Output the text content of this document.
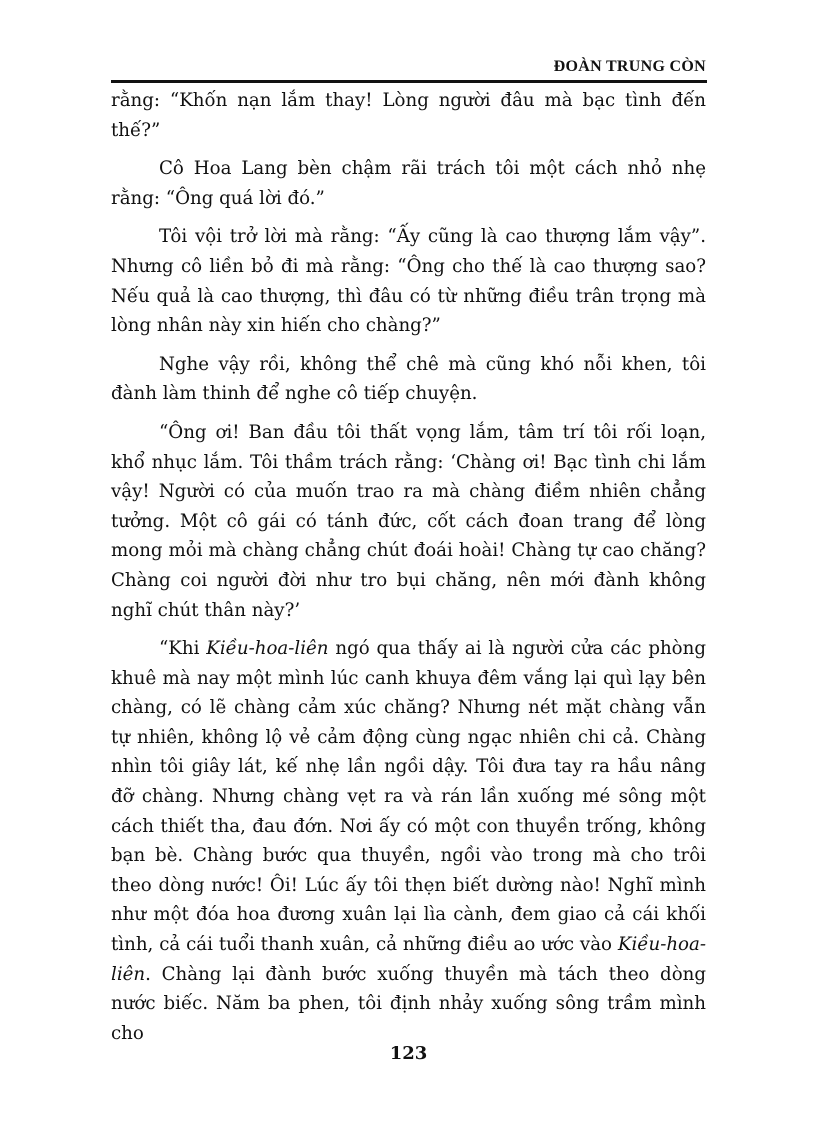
ĐOÀN TRUNG CÒN

rằng: “Khốn nạn lắm thay! Lòng người đâu mà bạc tình đến thế?”

Cô Hoa Lang bèn chậm rãi trách tôi một cách nhỏ nhẹ rằng: “Ông quá lời đó.”

Tôi vội trở lời mà rằng: “Ấy cũng là cao thượng lắm vậy”. Nhưng cô liền bỏ đi mà rằng: “Ông cho thế là cao thượng sao? Nếu quả là cao thượng, thì đâu có từ những điều trân trọng mà lòng nhân này xin hiến cho chàng?”

Nghe vậy rồi, không thể chê mà cũng khó nỗi khen, tôi đành làm thinh để nghe cô tiếp chuyện.

“Ông ơi! Ban đầu tôi thất vọng lắm, tâm trí tôi rối loạn, khổ nhục lắm. Tôi thầm trách rằng: ‘Chàng ơi! Bạc tình chi lắm vậy! Người có của muốn trao ra mà chàng điềm nhiên chẳng tưởng. Một cô gái có tánh đức, cốt cách đoan trang để lòng mong mỏi mà chàng chẳng chút đoái hoài! Chàng tự cao chăng? Chàng coi người đời như tro bụi chăng, nên mới đành không nghĩ chút thân này?’

“Khi Kiều-hoa-liên ngó qua thấy ai là người cửa các phòng khuê mà nay một mình lúc canh khuya đêm vắng lại quì lạy bên chàng, có lẽ chàng cảm xúc chăng? Nhưng nét mặt chàng vẫn tự nhiên, không lộ vẻ cảm động cùng ngạc nhiên chi cả. Chàng nhìn tôi giây lát, kế nhẹ lần ngồi dậy. Tôi đưa tay ra hầu nâng đỡ chàng. Nhưng chàng vẹt ra và rán lần xuống mé sông một cách thiết tha, đau đớn. Nơi ấy có một con thuyền trống, không bạn bè. Chàng bước qua thuyền, ngồi vào trong mà cho trôi theo dòng nước! Ôi! Lúc ấy tôi thẹn biết dường nào! Nghĩ mình như một đóa hoa đương xuân lại lìa cành, đem giao cả cái khối tình, cả cái tuổi thanh xuân, cả những điều ao ước vào Kiều-hoa-liên. Chàng lại đành bước xuống thuyền mà tách theo dòng nước biếc. Năm ba phen, tôi định nhảy xuống sông trầm mình cho

123
